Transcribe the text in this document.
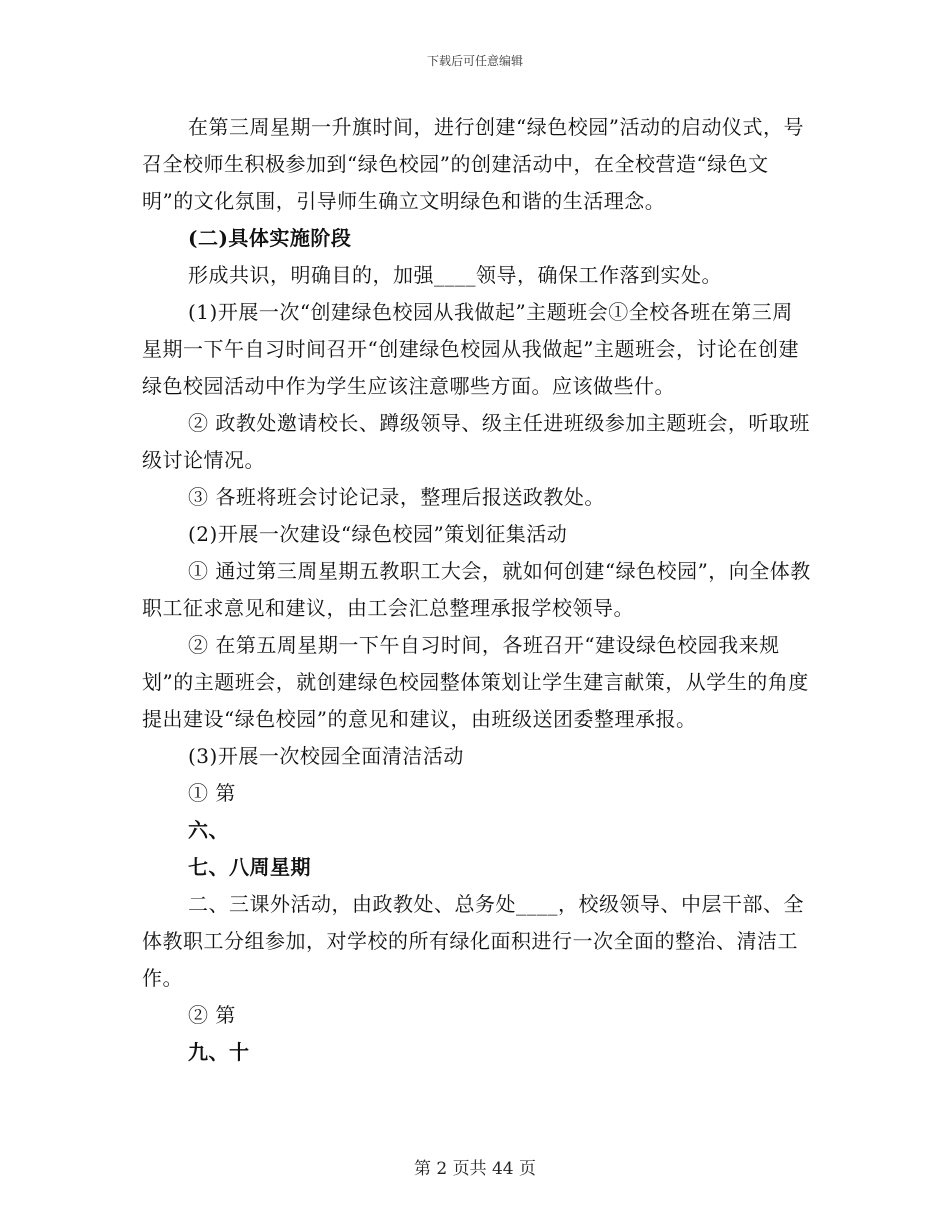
下载后可任意编辑

在第三周星期一升旗时间，进行创建“绿色校园”活动的启动仪式，号召全校师生积极参加到“绿色校园”的创建活动中，在全校营造“绿色文明”的文化氛围，引导师生确立文明绿色和谐的生活理念。

(二)具体实施阶段

形成共识，明确目的，加强____领导，确保工作落到实处。

(1)开展一次“创建绿色校园从我做起”主题班会①全校各班在第三周星期一下午自习时间召开“创建绿色校园从我做起”主题班会，讨论在创建绿色校园活动中作为学生应该注意哪些方面。应该做些什。

② 政教处邀请校长、蹲级领导、级主任进班级参加主题班会，听取班级讨论情况。

③ 各班将班会讨论记录，整理后报送政教处。

(2)开展一次建设“绿色校园”策划征集活动

① 通过第三周星期五教职工大会，就如何创建“绿色校园”，向全体教职工征求意见和建议，由工会汇总整理承报学校领导。

② 在第五周星期一下午自习时间，各班召开“建设绿色校园我来规划”的主题班会，就创建绿色校园整体策划让学生建言献策，从学生的角度提出建设“绿色校园”的意见和建议，由班级送团委整理承报。

(3)开展一次校园全面清洁活动

① 第

六、

七、八周星期

二、三课外活动，由政教处、总务处____，校级领导、中层干部、全体教职工分组参加，对学校的所有绿化面积进行一次全面的整治、清洁工作。

② 第

九、十

第 2 页共 44 页
